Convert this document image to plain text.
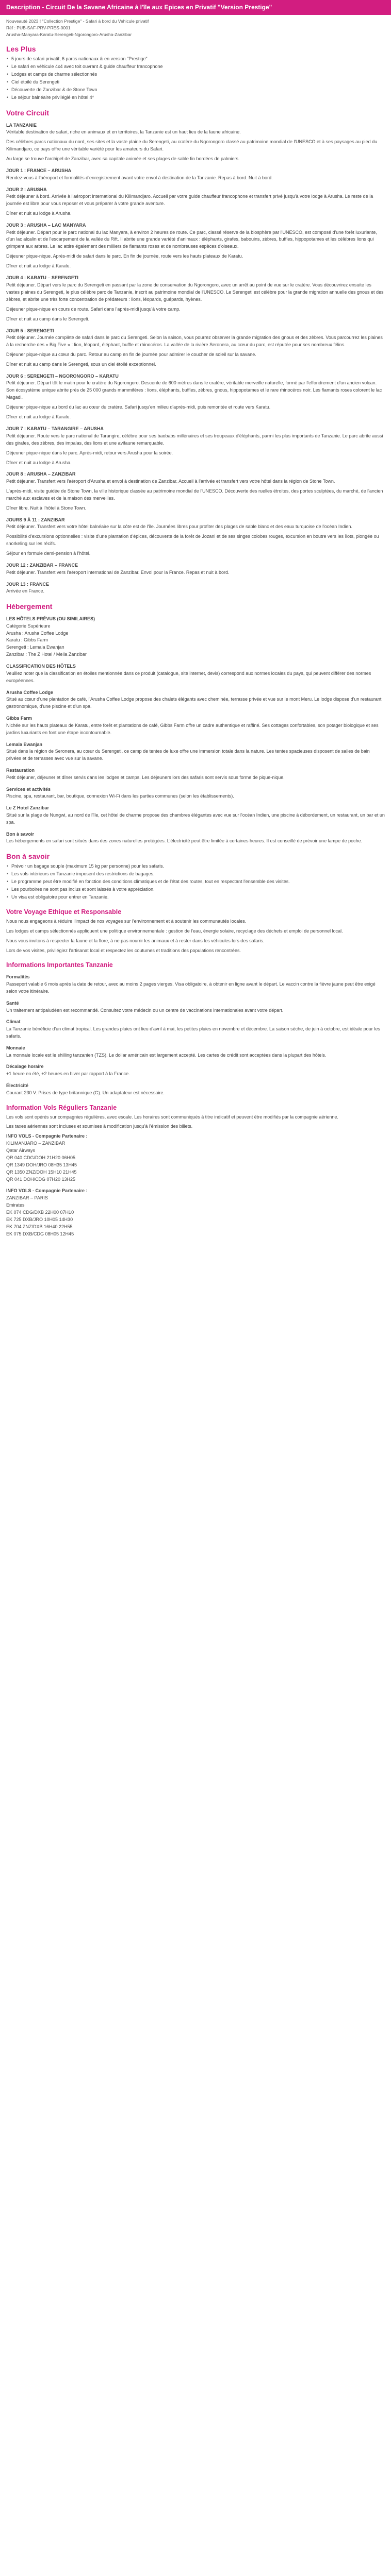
Description - Circuit De la Savane Africaine à l'île aux Epices en Privatif "Version Prestige"
Nouveauté 2023 ! "Collection Prestige" - Safari à bord du Vehicule privatif
Réf : PUB-SAF-PRV-PRES-0001
Arusha-Manyara-Karatu-Serengeti-Ngorongoro-Arusha-Zanzibar
Les Plus
• 5 jours de safari privatif, 6 parcs nationaux & en version "Prestige"
• Le safari en véhicule 4x4 avec toit ouvrant & guide chauffeur francophone
• Lodges et camps de charme sélectionnés
• Ciel étoilé du Serengeti
• Découverte de Zanzibar & de Stone Town
• Le séjour balnéaire privilégié en hôtel 4*
Votre Circuit
LA TANZANIE

Véritable destination de safari, riche en animaux et en territoires, la Tanzanie est un haut lieu de la faune africaine.

Des célèbres parcs nationaux du nord, ses sites et la vaste plaine du Serengeti, au cratère du Ngorongoro classé au patrimoine mondial de l'UNESCO et à ses paysages au pied du Kilimandjaro, ce pays offre une véritable variété pour les amateurs du Safari.

Au large se trouve l'archipel de Zanzibar, avec sa capitale animée et ses plages de sable fin bordées de palmiers.

JOUR 1 : FRANCE – ARUSHA

Rendez-vous à l'aéroport et formalités d'enregistrement avant votre envol à destination de la Tanzanie. Repas à bord. Nuit à bord.

JOUR 2 : ARUSHA

Petit déjeuner à bord. Arrivée à l'aéroport international du Kilimandjaro. Accueil par votre guide chauffeur francophone et transfert privé jusqu'à votre lodge à Arusha. Le reste de la journée est libre pour vous reposer et vous préparer à votre grande aventure.

Dîner et nuit au lodge à Arusha.

JOUR 3 : ARUSHA – LAC MANYARA

Petit déjeuner. Départ pour le parc national du lac Manyara, à environ 2 heures de route. Ce parc, classé réserve de la biosphère par l'UNESCO, est composé d'une forêt luxuriante, d'un lac alcalin et de l'escarpement de la vallée du Rift. Il abrite une grande variété d'animaux : éléphants, girafes, babouins, zèbres, buffles, hippopotames et les célèbres lions qui grimpent aux arbres. Le lac attire également des milliers de flamants roses et de nombreuses espèces d'oiseaux.

Déjeuner pique-nique. Après-midi de safari dans le parc. En fin de journée, route vers les hauts plateaux de Karatu.

Dîner et nuit au lodge à Karatu.

JOUR 4 : KARATU – SERENGETI

Petit déjeuner. Départ vers le parc du Serengeti en passant par la zone de conservation du Ngorongoro, avec un arrêt au point de vue sur le cratère. Vous découvrirez ensuite les vastes plaines du Serengeti, le plus célèbre parc de Tanzanie, inscrit au patrimoine mondial de l'UNESCO. Le Serengeti est célèbre pour la grande migration annuelle des gnous et des zèbres, et abrite une très forte concentration de prédateurs : lions, léopards, guépards, hyènes.

Déjeuner pique-nique en cours de route. Safari dans l'après-midi jusqu'à votre camp.

Dîner et nuit au camp dans le Serengeti.

JOUR 5 : SERENGETI

Petit déjeuner. Journée complète de safari dans le parc du Serengeti. Selon la saison, vous pourrez observer la grande migration des gnous et des zèbres. Vous parcourrez les plaines à la recherche des « Big Five » : lion, léopard, éléphant, buffle et rhinocéros. La vallée de la rivière Seronera, au cœur du parc, est réputée pour ses nombreux félins.

Déjeuner pique-nique au cœur du parc. Retour au camp en fin de journée pour admirer le coucher de soleil sur la savane.

Dîner et nuit au camp dans le Serengeti, sous un ciel étoilé exceptionnel.

JOUR 6 : SERENGETI – NGORONGORO – KARATU

Petit déjeuner. Départ tôt le matin pour le cratère du Ngorongoro. Descente de 600 mètres dans le cratère, véritable merveille naturelle, formé par l'effondrement d'un ancien volcan. Son écosystème unique abrite près de 25 000 grands mammifères : lions, éléphants, buffles, zèbres, gnous, hippopotames et le rare rhinocéros noir. Les flamants roses colorent le lac Magadi.

Déjeuner pique-nique au bord du lac au cœur du cratère. Safari jusqu'en milieu d'après-midi, puis remontée et route vers Karatu.

Dîner et nuit au lodge à Karatu.

JOUR 7 : KARATU – TARANGIRE – ARUSHA

Petit déjeuner. Route vers le parc national de Tarangire, célèbre pour ses baobabs millénaires et ses troupeaux d'éléphants, parmi les plus importants de Tanzanie. Le parc abrite aussi des girafes, des zèbres, des impalas, des lions et une avifaune remarquable.

Déjeuner pique-nique dans le parc. Après-midi, retour vers Arusha pour la soirée.

Dîner et nuit au lodge à Arusha.

JOUR 8 : ARUSHA – ZANZIBAR

Petit déjeuner. Transfert vers l'aéroport d'Arusha et envol à destination de Zanzibar. Accueil à l'arrivée et transfert vers votre hôtel dans la région de Stone Town.

L'après-midi, visite guidée de Stone Town, la ville historique classée au patrimoine mondial de l'UNESCO. Découverte des ruelles étroites, des portes sculptées, du marché, de l'ancien marché aux esclaves et de la maison des merveilles.

Dîner libre. Nuit à l'hôtel à Stone Town.

JOURS 9 À 11 : ZANZIBAR

Petit déjeuner. Transfert vers votre hôtel balnéaire sur la côte est de l'île. Journées libres pour profiter des plages de sable blanc et des eaux turquoise de l'océan Indien.

Possibilité d'excursions optionnelles : visite d'une plantation d'épices, découverte de la forêt de Jozani et de ses singes colobes rouges, excursion en boutre vers les îlots, plongée ou snorkeling sur les récifs.

Séjour en formule demi-pension à l'hôtel.

JOUR 12 : ZANZIBAR – FRANCE

Petit déjeuner. Transfert vers l'aéroport international de Zanzibar. Envol pour la France. Repas et nuit à bord.

JOUR 13 : FRANCE

Arrivée en France.

Hébergement
LES HÔTELS PRÉVUS (OU SIMILAIRES)
Catégorie Supérieure
Arusha : Arusha Coffee Lodge
Karatu : Gibbs Farm
Serengeti : Lemala Ewanjan
Zanzibar : The Z Hotel / Melia Zanzibar
CLASSIFICATION DES HÔTELS

Veuillez noter que la classification en étoiles mentionnée dans ce produit (catalogue, site internet, devis) correspond aux normes locales du pays, qui peuvent différer des normes européennes.

Arusha Coffee Lodge

Situé au cœur d'une plantation de café, l'Arusha Coffee Lodge propose des chalets élégants avec cheminée, terrasse privée et vue sur le mont Meru. Le lodge dispose d'un restaurant gastronomique, d'une piscine et d'un spa.

Gibbs Farm

Nichée sur les hauts plateaux de Karatu, entre forêt et plantations de café, Gibbs Farm offre un cadre authentique et raffiné. Ses cottages confortables, son potager biologique et ses jardins luxuriants en font une étape incontournable.

Lemala Ewanjan

Situé dans la région de Seronera, au cœur du Serengeti, ce camp de tentes de luxe offre une immersion totale dans la nature. Les tentes spacieuses disposent de salles de bain privées et de terrasses avec vue sur la savane.

Restauration

Petit déjeuner, déjeuner et dîner servis dans les lodges et camps. Les déjeuners lors des safaris sont servis sous forme de pique-nique.

Services et activités

Piscine, spa, restaurant, bar, boutique, connexion Wi-Fi dans les parties communes (selon les établissements).

Le Z Hotel Zanzibar

Situé sur la plage de Nungwi, au nord de l'île, cet hôtel de charme propose des chambres élégantes avec vue sur l'océan Indien, une piscine à débordement, un restaurant, un bar et un spa.

Bon à savoir

Les hébergements en safari sont situés dans des zones naturelles protégées. L'électricité peut être limitée à certaines heures. Il est conseillé de prévoir une lampe de poche.

Bon à savoir
• Prévoir un bagage souple (maximum 15 kg par personne) pour les safaris.
• Les vols intérieurs en Tanzanie imposent des restrictions de bagages.
• Le programme peut être modifié en fonction des conditions climatiques et de l'état des routes, tout en respectant l'ensemble des visites.
• Les pourboires ne sont pas inclus et sont laissés à votre appréciation.
• Un visa est obligatoire pour entrer en Tanzanie.
Votre Voyage Ethique et Responsable

Nous nous engageons à réduire l'impact de nos voyages sur l'environnement et à soutenir les communautés locales.

Les lodges et camps sélectionnés appliquent une politique environnementale : gestion de l'eau, énergie solaire, recyclage des déchets et emploi de personnel local.

Nous vous invitons à respecter la faune et la flore, à ne pas nourrir les animaux et à rester dans les véhicules lors des safaris.

Lors de vos visites, privilégiez l'artisanat local et respectez les coutumes et traditions des populations rencontrées.

Informations Importantes Tanzanie
Formalités

Passeport valable 6 mois après la date de retour, avec au moins 2 pages vierges. Visa obligatoire, à obtenir en ligne avant le départ. Le vaccin contre la fièvre jaune peut être exigé selon votre itinéraire.

Santé

Un traitement antipaludéen est recommandé. Consultez votre médecin ou un centre de vaccinations internationales avant votre départ.

Climat

La Tanzanie bénéficie d'un climat tropical. Les grandes pluies ont lieu d'avril à mai, les petites pluies en novembre et décembre. La saison sèche, de juin à octobre, est idéale pour les safaris.

Monnaie

La monnaie locale est le shilling tanzanien (TZS). Le dollar américain est largement accepté. Les cartes de crédit sont acceptées dans la plupart des hôtels.

Décalage horaire

+1 heure en été, +2 heures en hiver par rapport à la France.

Électricité

Courant 230 V. Prises de type britannique (G). Un adaptateur est nécessaire.

Information Vols Réguliers Tanzanie

Les vols sont opérés sur compagnies régulières, avec escale. Les horaires sont communiqués à titre indicatif et peuvent être modifiés par la compagnie aérienne.

Les taxes aériennes sont incluses et soumises à modification jusqu'à l'émission des billets.

INFO VOLS - Compagnie Partenaire :
KILIMANJARO – ZANZIBAR
Qatar Airways
QR 040 CDG/DOH 21H20 06H05
QR 1349 DOH/JRO 08H35 13H45
QR 1350 ZNZ/DOH 15H10 21H45
QR 041 DOH/CDG 07H20 13H25
INFO VOLS - Compagnie Partenaire :
ZANZIBAR – PARIS
Emirates
EK 074 CDG/DXB 22H00 07H10
EK 725 DXB/JRO 10H05 14H30
EK 704 ZNZ/DXB 16H40 22H55
EK 075 DXB/CDG 08H05 12H45
